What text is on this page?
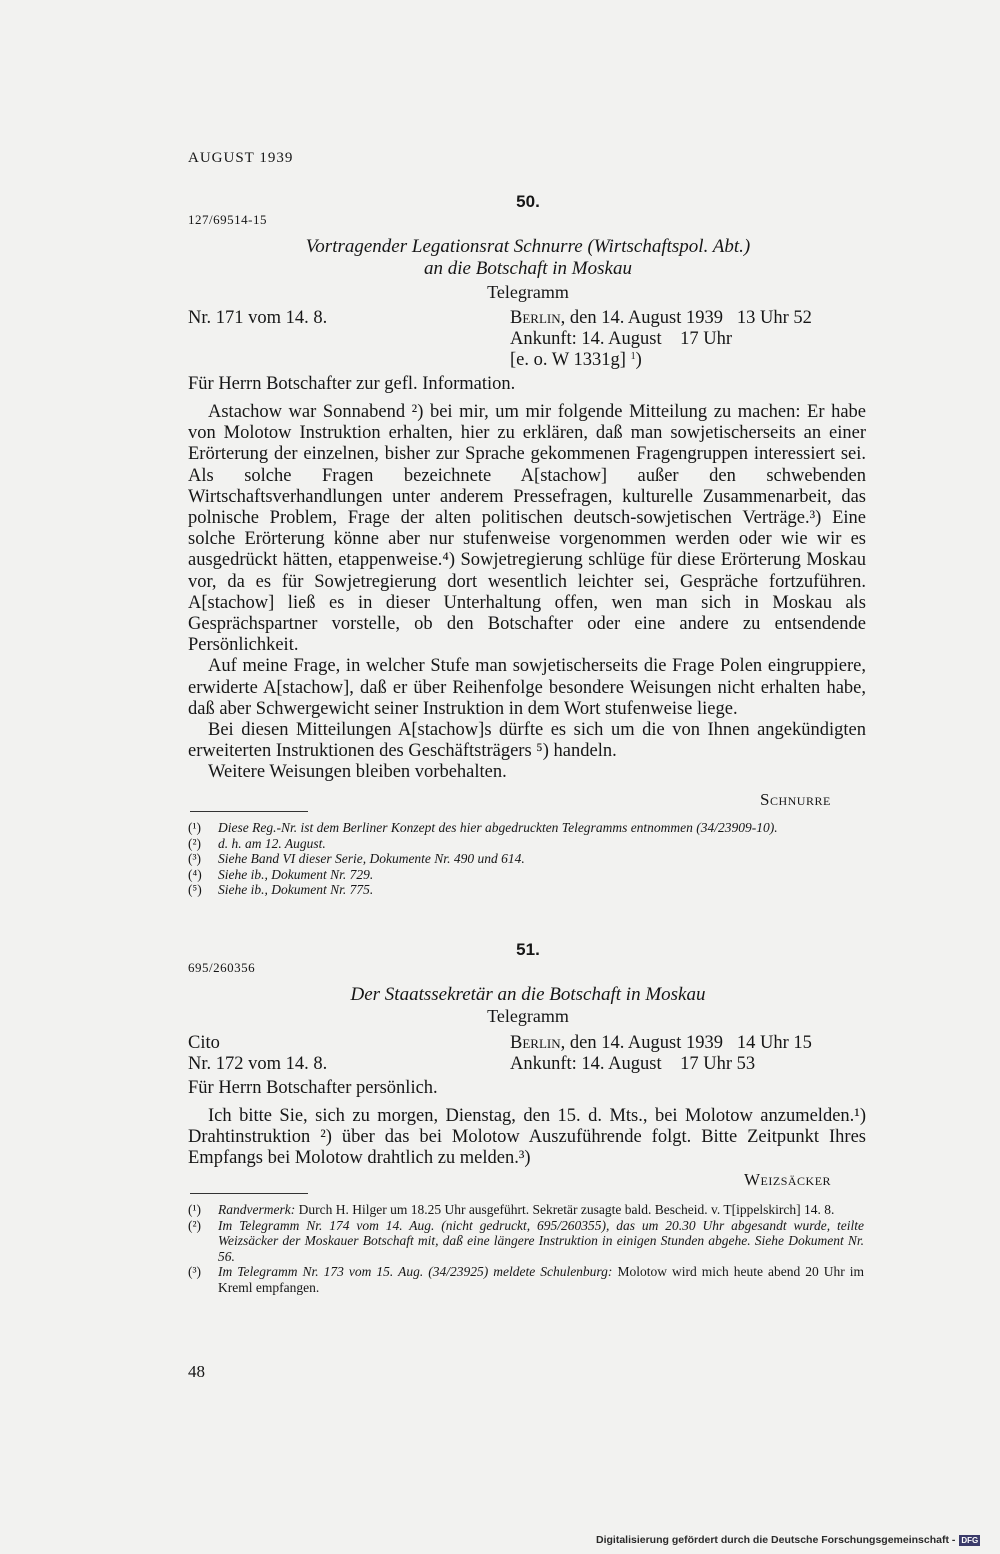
AUGUST 1939
50.
127/69514-15
Vortragender Legationsrat Schnurre (Wirtschaftspol. Abt.)
an die Botschaft in Moskau
Telegramm
Nr. 171 vom 14. 8.	Berlin, den 14. August 1939   13 Uhr 52
Ankunft: 14. August    17 Uhr
[e. o. W 1331g] $^1$)
Für Herrn Botschafter zur gefl. Information.

Astachow war Sonnabend ²) bei mir, um mir folgende Mitteilung zu machen: Er habe von Molotow Instruktion erhalten, hier zu erklären, daß man sowjetischerseits an einer Erörterung der einzelnen, bisher zur Sprache gekommenen Fragengruppen interessiert sei. Als solche Fragen bezeichnete A[stachow] außer den schwebenden Wirtschaftsverhandlungen unter anderem Pressefragen, kulturelle Zusammenarbeit, das polnische Problem, Frage der alten politischen deutsch-sowjetischen Verträge.³) Eine solche Erörterung könne aber nur stufenweise vorgenommen werden oder wie wir es ausgedrückt hätten, etappenweise.⁴) Sowjetregierung schlüge für diese Erörterung Moskau vor, da es für Sowjetregierung dort wesentlich leichter sei, Gespräche fortzuführen. A[stachow] ließ es in dieser Unterhaltung offen, wen man sich in Moskau als Gesprächspartner vorstelle, ob den Botschafter oder eine andere zu entsendende Persönlichkeit.

Auf meine Frage, in welcher Stufe man sowjetischerseits die Frage Polen eingruppiere, erwiderte A[stachow], daß er über Reihenfolge besondere Weisungen nicht erhalten habe, daß aber Schwergewicht seiner Instruktion in dem Wort stufenweise liege.

Bei diesen Mitteilungen A[stachow]s dürfte es sich um die von Ihnen angekündigten erweiterten Instruktionen des Geschäftsträgers ⁵) handeln.

Weitere Weisungen bleiben vorbehalten.

Schnurre
(¹)	Diese Reg.-Nr. ist dem Berliner Konzept des hier abgedruckten Telegramms entnommen (34/23909-10).
(²)	d. h. am 12. August.
(³)	Siehe Band VI dieser Serie, Dokumente Nr. 490 und 614.
(⁴)	Siehe ib., Dokument Nr. 729.
(⁵)	Siehe ib., Dokument Nr. 775.
51.
695/260356
Der Staatssekretär an die Botschaft in Moskau
Telegramm
Cito	Berlin, den 14. August 1939   14 Uhr 15
Nr. 172 vom 14. 8.	Ankunft: 14. August    17 Uhr 53
Für Herrn Botschafter persönlich.

Ich bitte Sie, sich zu morgen, Dienstag, den 15. d. Mts., bei Molotow anzumelden.¹) Drahtinstruktion ²) über das bei Molotow Auszuführende folgt. Bitte Zeitpunkt Ihres Empfangs bei Molotow drahtlich zu melden.³)

Weizsäcker
(¹)	Randvermerk: Durch H. Hilger um 18.25 Uhr ausgeführt. Sekretär zusagte bald. Bescheid. v. T[ippelskirch] 14. 8.
(²)	Im Telegramm Nr. 174 vom 14. Aug. (nicht gedruckt, 695/260355), das um 20.30 Uhr abgesandt wurde, teilte Weizsäcker der Moskauer Botschaft mit, daß eine längere Instruktion in einigen Stunden abgehe. Siehe Dokument Nr. 56.
(³)	Im Telegramm Nr. 173 vom 15. Aug. (34/23925) meldete Schulenburg: Molotow wird mich heute abend 20 Uhr im Kreml empfangen.
48
Digitalisierung gefördert durch die Deutsche Forschungsgemeinschaft - DFG
